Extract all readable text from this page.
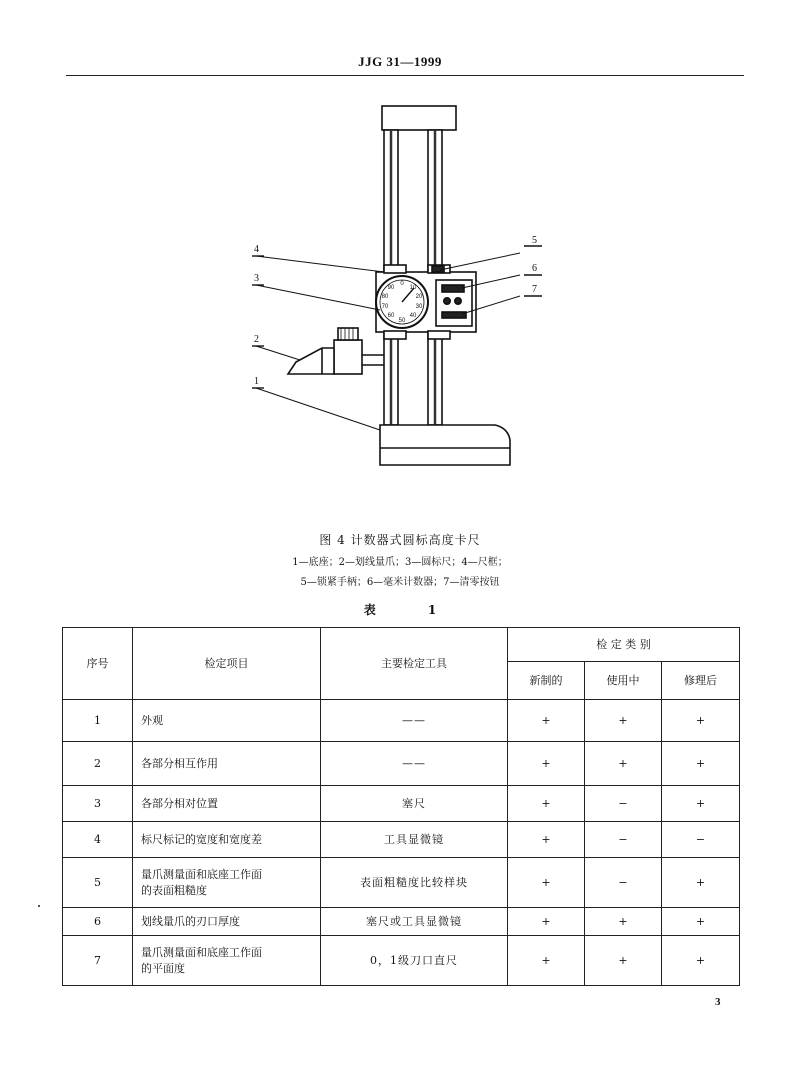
JJG 31—1999
1
2
3
4
5
6
7
0
10
20
30
40
50
60
70
80
90
图 4 计数器式圆标高度卡尺
1—底座；2—划线量爪；3—圆标尺；4—尺框；
5—锁紧手柄；6—毫米计数器；7—清零按钮
表 1
序号	检定项目	主要检定工具	检 定 类 别		
			新制的	使用中	修理后
1	外观	——	+	+	+
2	各部分相互作用	——	+	+	+
3	各部分相对位置	塞尺	+	−	+
4	标尺标记的宽度和宽度差	工具显微镜	+	−	−
5	量爪测量面和底座工作面
的表面粗糙度	表面粗糙度比较样块	+	−	+
6	划线量爪的刃口厚度	塞尺或工具显微镜	+	+	+
7	量爪测量面和底座工作面
的平面度	0，1级刀口直尺	+	+	+
3
